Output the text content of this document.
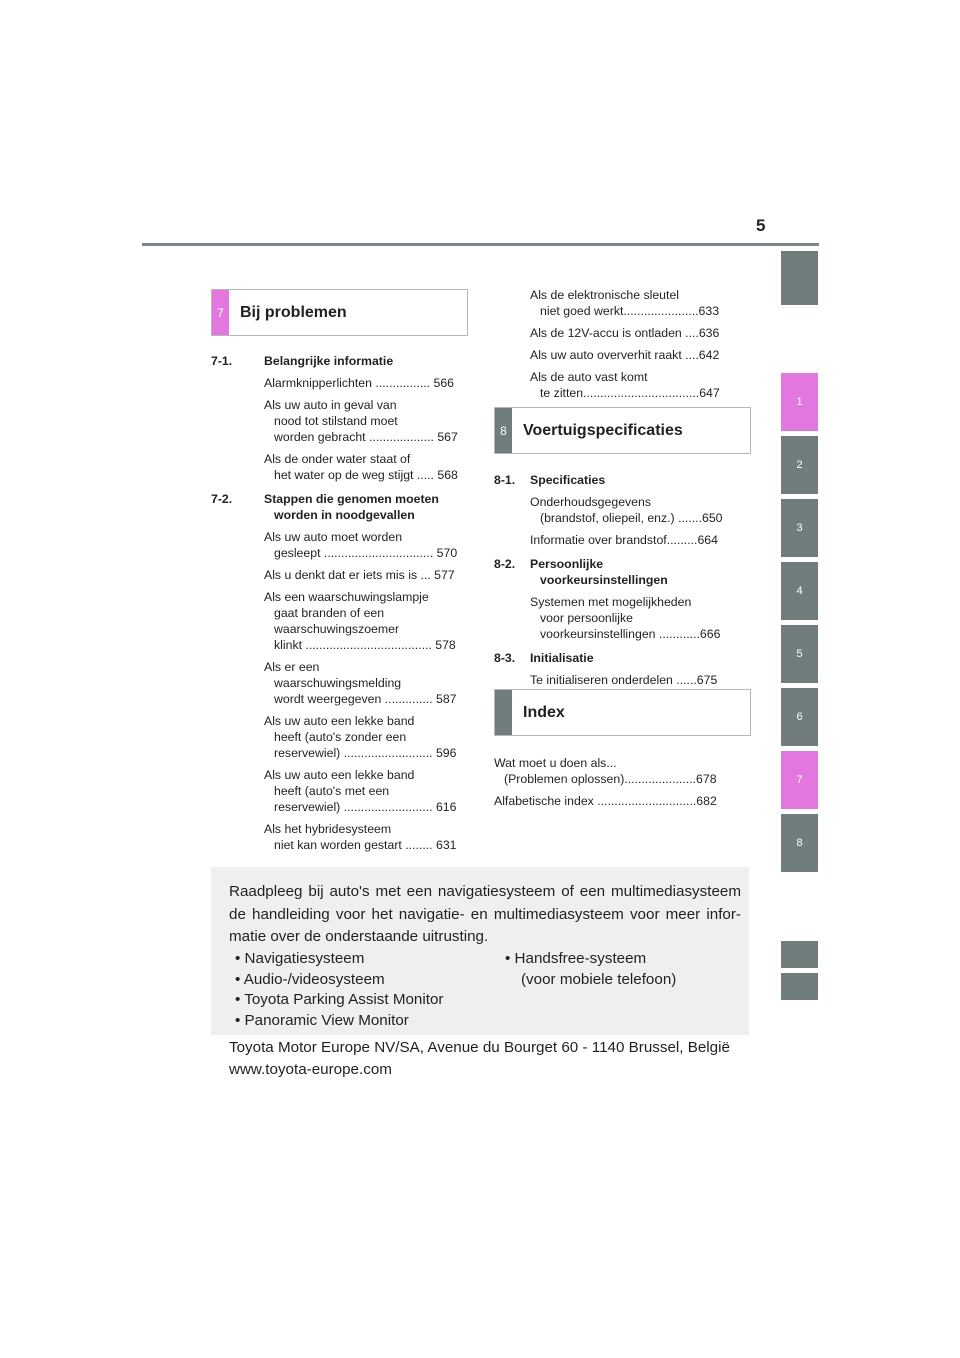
5
1
2
3
4
5
6
7
8
7	Bij problemen
7-1.	Belangrijke informatie
Alarmknipperlichten ................ 566
Als uw auto in geval van
nood tot stilstand moet
worden gebracht ................... 567
Als de onder water staat of
het water op de weg stijgt ..... 568
7-2.	Stappen die genomen moeten
worden in noodgevallen
Als uw auto moet worden
gesleept ................................ 570
Als u denkt dat er iets mis is ... 577
Als een waarschuwingslampje
gaat branden of een
waarschuwingszoemer
klinkt ..................................... 578
Als er een
waarschuwingsmelding
wordt weergegeven .............. 587
Als uw auto een lekke band
heeft (auto's zonder een
reservewiel) .......................... 596
Als uw auto een lekke band
heeft (auto's met een
reservewiel) .......................... 616
Als het hybridesysteem
niet kan worden gestart ........ 631
Als de elektronische sleutel
niet goed werkt......................633
Als de 12V-accu is ontladen ....636
Als uw auto oververhit raakt ....642
Als de auto vast komt
te zitten..................................647
8	Voertuigspecificaties
8-1.	Specificaties
Onderhoudsgegevens
(brandstof, oliepeil, enz.) .......650
Informatie over brandstof.........664
8-2.	Persoonlijke
voorkeursinstellingen
Systemen met mogelijkheden
voor persoonlijke
voorkeursinstellingen ............666
8-3.	Initialisatie
Te initialiseren onderdelen ......675
Index
Wat moet u doen als...
(Problemen oplossen).....................678
Alfabetische index .............................682
Raadpleeg bij auto's met een navigatiesysteem of een multimediasysteem de handleiding voor het navigatie- en multimediasysteem voor meer infor- matie over de onderstaande uitrusting.
• Navigatiesysteem
• Audio-/videosysteem
• Toyota Parking Assist Monitor
• Panoramic View Monitor
• Handsfree-systeem
(voor mobiele telefoon)
Toyota Motor Europe NV/SA, Avenue du Bourget 60 - 1140 Brussel, België
www.toyota-europe.com
